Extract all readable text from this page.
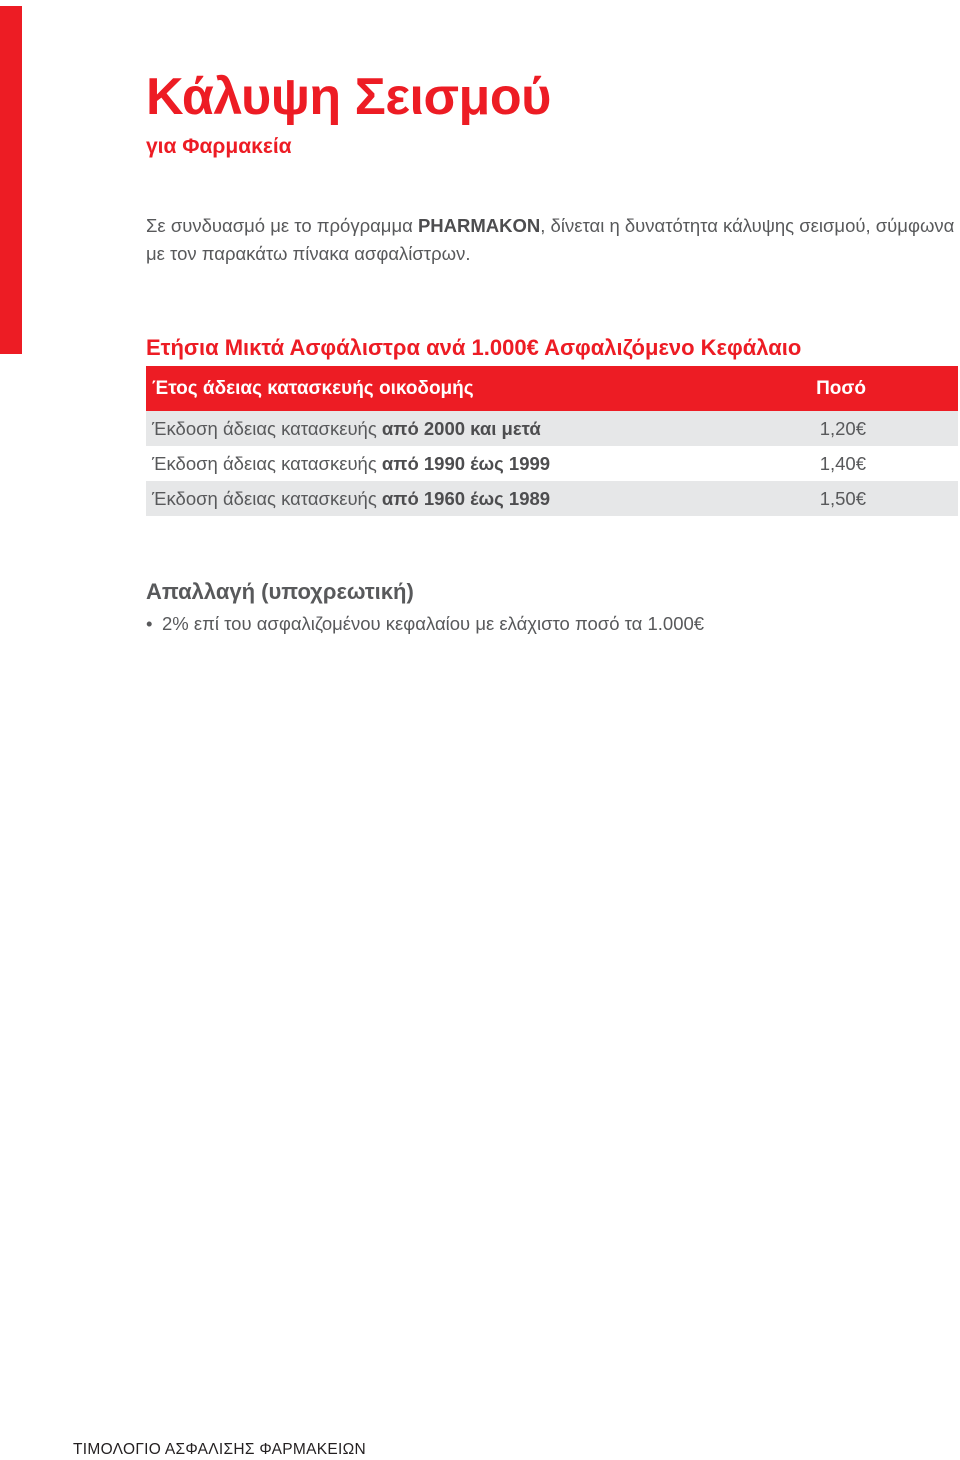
Κάλυψη Σεισμού
για Φαρμακεία

Σε συνδυασμό με το πρόγραμμα PHARMAKON, δίνεται η δυνατότητα κάλυψης σεισμού, σύμφωνα με τον παρακάτω πίνακα ασφαλίστρων.

Ετήσια Μικτά Ασφάλιστρα ανά 1.000€ Ασφαλιζόμενο Κεφάλαιο
Έτος άδειας κατασκευής οικοδομής	Ποσό
Έκδοση άδειας κατασκευής από 2000 και μετά	1,20€
Έκδοση άδειας κατασκευής από 1990 έως 1999	1,40€
Έκδοση άδειας κατασκευής από 1960 έως 1989	1,50€
Απαλλαγή (υποχρεωτική)

• 2% επί του ασφαλιζομένου κεφαλαίου με ελάχιστο ποσό τα 1.000€

ΤΙΜΟΛΟΓΙΟ ΑΣΦΑΛΙΣΗΣ ΦΑΡΜΑΚΕΙΩΝ
